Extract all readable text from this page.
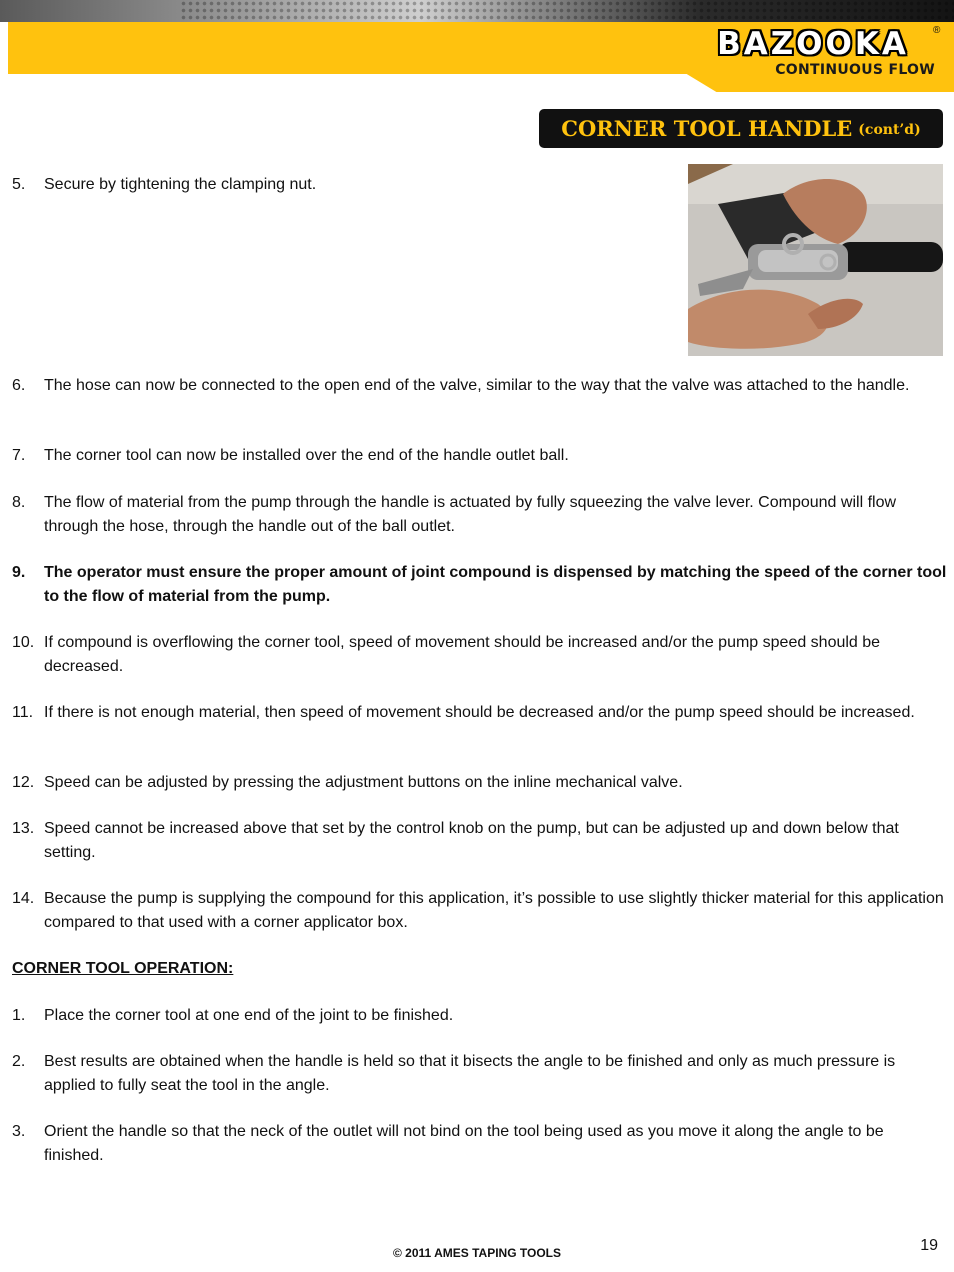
BAZOOKA	®
CONTINUOUS FLOW
CORNER TOOL HANDLE (cont’d)
5. Secure by tightening the clamping nut.
6. The hose can now be connected to the open end of the valve, similar to the way that the valve was attached to the handle.
7. The corner tool can now be installed over the end of the handle outlet ball.
8. The flow of material from the pump through the handle is actuated by fully squeezing the valve lever. Compound will flow through the hose, through the handle out of the ball outlet.
9. The operator must ensure the proper amount of joint compound is dispensed by matching the speed of the corner tool to the flow of material from the pump.
10. If compound is overflowing the corner tool, speed of movement should be increased and/or the pump speed should be decreased.
11. If there is not enough material, then speed of movement should be decreased and/or the pump speed should be increased.
12. Speed can be adjusted by pressing the adjustment buttons on the inline mechanical valve.
13. Speed cannot be increased above that set by the control knob on the pump, but can be adjusted up and down below that setting.
14. Because the pump is supplying the compound for this application, it’s possible to use slightly thicker material for this application compared to that used with a corner applicator box.
CORNER TOOL OPERATION:
1. Place the corner tool at one end of the joint to be finished.
2. Best results are obtained when the handle is held so that it bisects the angle to be finished and only as much pressure is applied to fully seat the tool in the angle.
3. Orient the handle so that the neck of the outlet will not bind on the tool being used as you move it along the angle to be finished.
© 2011 AMES TAPING TOOLS	19
